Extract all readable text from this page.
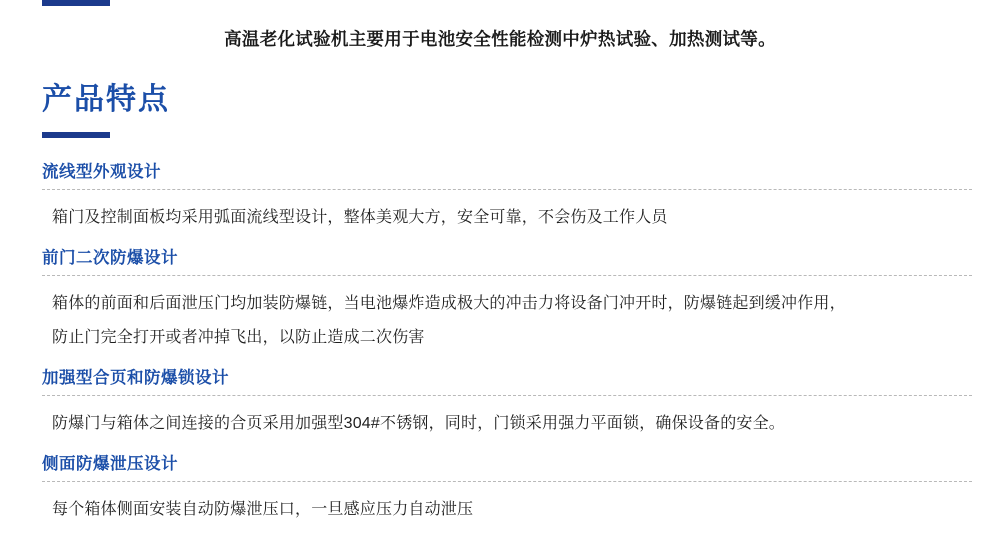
高温老化试验机主要用于电池安全性能检测中炉热试验、加热测试等。
产品特点
流线型外观设计

箱门及控制面板均采用弧面流线型设计，整体美观大方，安全可靠，不会伤及工作人员

前门二次防爆设计

箱体的前面和后面泄压门均加装防爆链，当电池爆炸造成极大的冲击力将设备门冲开时，防爆链起到缓冲作用，

防止门完全打开或者冲掉飞出，以防止造成二次伤害

加强型合页和防爆锁设计

防爆门与箱体之间连接的合页采用加强型304#不锈钢，同时，门锁采用强力平面锁，确保设备的安全。

侧面防爆泄压设计

每个箱体侧面安装自动防爆泄压口，一旦感应压力自动泄压
